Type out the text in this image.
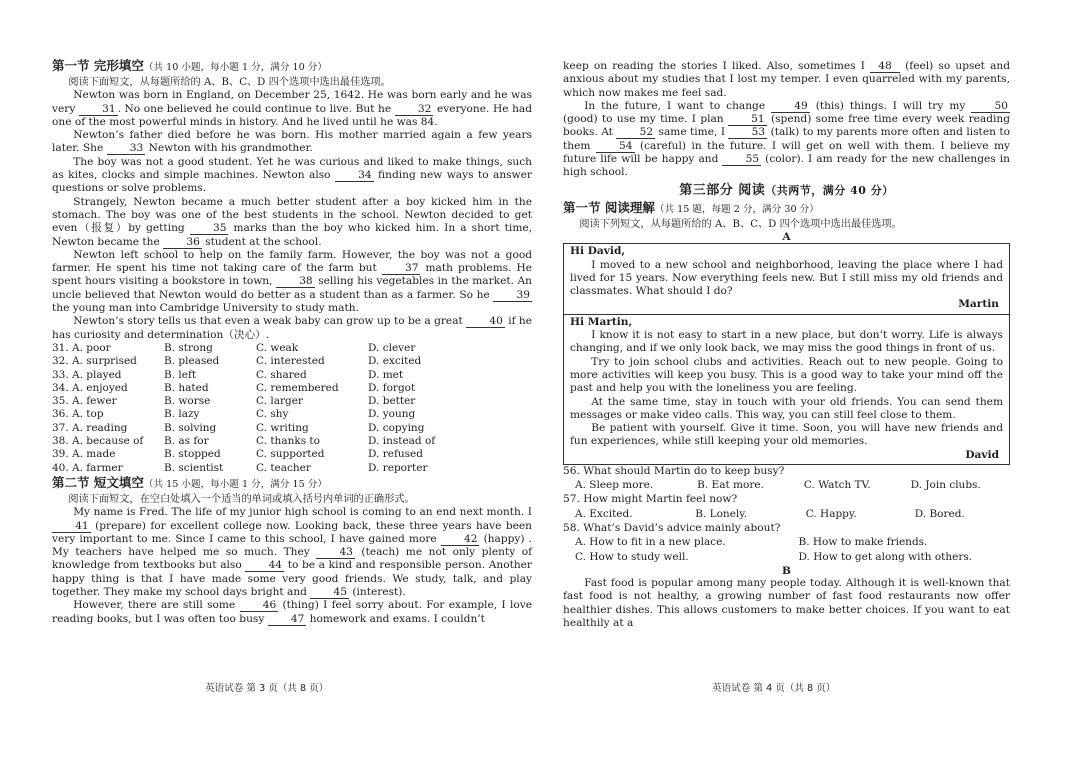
第一节 完形填空（共 10 小题，每小题 1 分，满分 10 分）

阅读下面短文，从每题所给的 A、B、C、D 四个选项中选出最佳选项。

Newton was born in England, on December 25, 1642. He was born early and he was very 31 . No one believed he could continue to live. But he 32 everyone. He had one of the most powerful minds in history. And he lived until he was 84.

Newton’s father died before he was born. His mother married again a few years later. She 33 Newton with his grandmother.

The boy was not a good student. Yet he was curious and liked to make things, such as kites, clocks and simple machines. Newton also 34 finding new ways to answer questions or solve problems.

Strangely, Newton became a much better student after a boy kicked him in the stomach. The boy was one of the best students in the school. Newton decided to get even（报复）by getting 35 marks than the boy who kicked him. In a short time, Newton became the 36 student at the school.

Newton left school to help on the family farm. However, the boy was not a good farmer. He spent his time not taking care of the farm but 37 math problems. He spent hours visiting a bookstore in town, 38 selling his vegetables in the market. An uncle believed that Newton would do better as a student than as a farmer. So he 39 the young man into Cambridge University to study math.

Newton’s story tells us that even a weak baby can grow up to be a great 40 if he has curiosity and determination（决心）.

31. A. poor	B. strong	C. weak	D. clever
32. A. surprised	B. pleased	C. interested	D. excited
33. A. played	B. left	C. shared	D. met
34. A. enjoyed	B. hated	C. remembered	D. forgot
35. A. fewer	B. worse	C. larger	D. better
36. A. top	B. lazy	C. shy	D. young
37. A. reading	B. solving	C. writing	D. copying
38. A. because of	B. as for	C. thanks to	D. instead of
39. A. made	B. stopped	C. supported	D. refused
40. A. farmer	B. scientist	C. teacher	D. reporter

第二节 短文填空（共 15 小题，每小题 1 分，满分 15 分）

阅读下面短文，在空白处填入一个适当的单词或填入括号内单词的正确形式。

My name is Fred. The life of my junior high school is coming to an end next month. I 41 (prepare) for excellent college now. Looking back, these three years have been very important to me. Since I came to this school, I have gained more 42 (happy) . My teachers have helped me so much. They 43 (teach) me not only plenty of knowledge from textbooks but also 44 to be a kind and responsible person. Another happy thing is that I have made some very good friends. We study, talk, and play together. They make my school days bright and 45 (interest).

However, there are still some 46 (thing) I feel sorry about. For example, I love reading books, but I was often too busy 47 homework and exams. I couldn’t

英语试卷 第 3 页（共 8 页）

keep on reading the stories I liked. Also, sometimes I 48 (feel) so upset and anxious about my studies that I lost my temper. I even quarreled with my parents, which now makes me feel sad.

In the future, I want to change 49 (this) things. I will try my 50 (good) to use my time. I plan 51 (spend) some free time every week reading books. At 52 same time, I 53 (talk) to my parents more often and listen to them 54 (careful) in the future. I will get on well with them. I believe my future life will be happy and 55 (color). I am ready for the new challenges in high school.

第三部分 阅读（共两节，满分 40 分）

第一节 阅读理解（共 15 题，每题 2 分，满分 30 分）

阅读下列短文，从每题所给的 A、B、C、D 四个选项中选出最佳选项。

A

Hi David,

I moved to a new school and neighborhood, leaving the place where I had lived for 15 years. Now everything feels new. But I still miss my old friends and classmates. What should I do?

Martin

Hi Martin,

I know it is not easy to start in a new place, but don’t worry. Life is always changing, and if we only look back, we may miss the good things in front of us.

Try to join school clubs and activities. Reach out to new people. Going to more activities will keep you busy. This is a good way to take your mind off the past and help you with the loneliness you are feeling.

At the same time, stay in touch with your old friends. You can send them messages or make video calls. This way, you can still feel close to them.

Be patient with yourself. Give it time. Soon, you will have new friends and fun experiences, while still keeping your old memories.

David

56. What should Martin do to keep busy?

A. Sleep more.	B. Eat more.	C. Watch TV.	D. Join clubs.

57. How might Martin feel now?

A. Excited.	B. Lonely.	C. Happy.	D. Bored.

58. What’s David’s advice mainly about?

A. How to fit in a new place.	B. How to make friends.
C. How to study well.	D. How to get along with others.

B

Fast food is popular among many people today. Although it is well-known that fast food is not healthy, a growing number of fast food restaurants now offer healthier dishes. This allows customers to make better choices. If you want to eat healthily at a

英语试卷 第 4 页（共 8 页）
